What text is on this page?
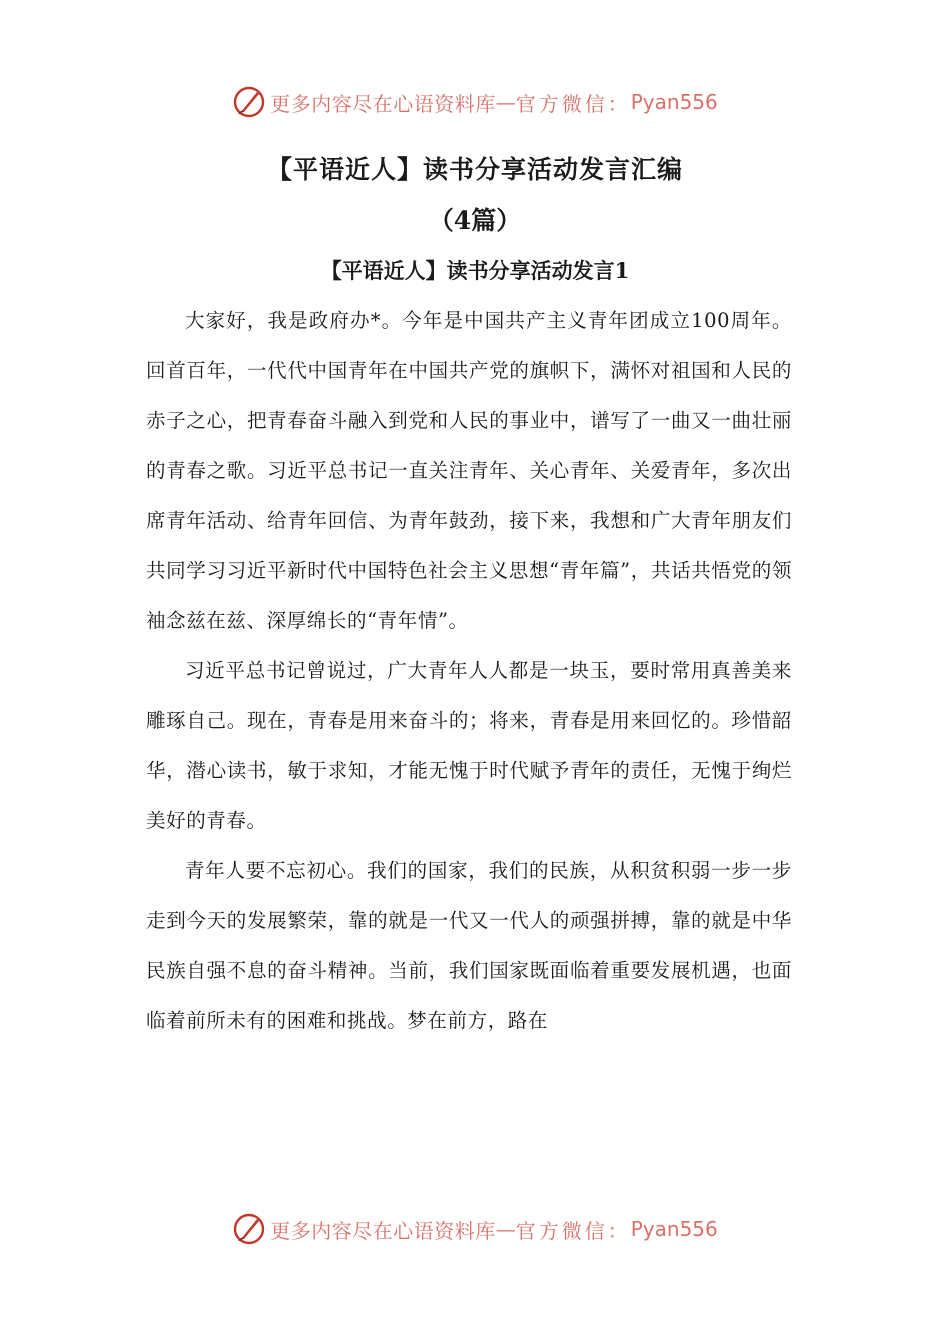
更多内容尽在心语资料库 — 官方微信： Pyan556
【平语近人】读书分享活动发言汇编
（4篇）
【平语近人】读书分享活动发言1

大家好，我是政府办*。今年是中国共产主义青年团成立100周年。回首百年，一代代中国青年在中国共产党的旗帜下，满怀对祖国和人民的赤子之心，把青春奋斗融入到党和人民的事业中，谱写了一曲又一曲壮丽的青春之歌。习近平总书记一直关注青年、关心青年、关爱青年，多次出席青年活动、给青年回信、为青年鼓劲，接下来，我想和广大青年朋友们共同学习习近平新时代中国特色社会主义思想“青年篇”，共话共悟党的领袖念兹在兹、深厚绵长的“青年情”。

习近平总书记曾说过，广大青年人人都是一块玉，要时常用真善美来雕琢自己。现在，青春是用来奋斗的；将来，青春是用来回忆的。珍惜韶华，潜心读书，敏于求知，才能无愧于时代赋予青年的责任，无愧于绚烂美好的青春。

青年人要不忘初心。我们的国家，我们的民族，从积贫积弱一步一步走到今天的发展繁荣，靠的就是一代又一代人的顽强拼搏，靠的就是中华民族自强不息的奋斗精神。当前，我们国家既面临着重要发展机遇，也面临着前所未有的困难和挑战。梦在前方，路在

更多内容尽在心语资料库 — 官方微信： Pyan556
